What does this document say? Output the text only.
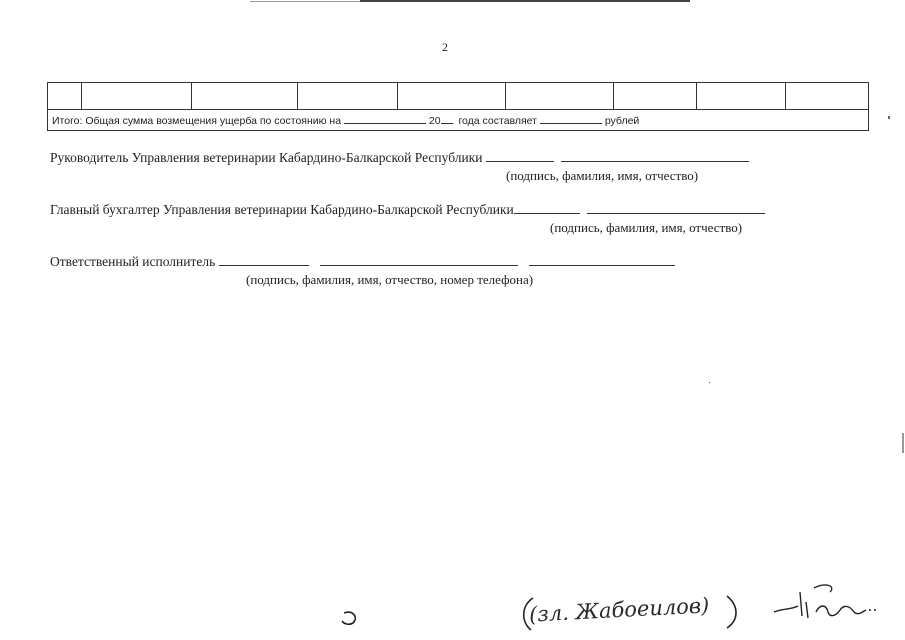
2

Итого: Общая сумма возмещения ущерба по состоянию на	20 года составляет	рублей
Руководитель Управления ветеринарии Кабардино-Балкарской Республики
(подпись, фамилия, имя, отчество)
Главный бухгалтер Управления ветеринарии Кабардино-Балкарской Республики
(подпись, фамилия, имя, отчество)
Ответственный исполнитель
(подпись, фамилия, имя, отчество, номер телефона)
(зл. Жабоеилов)
